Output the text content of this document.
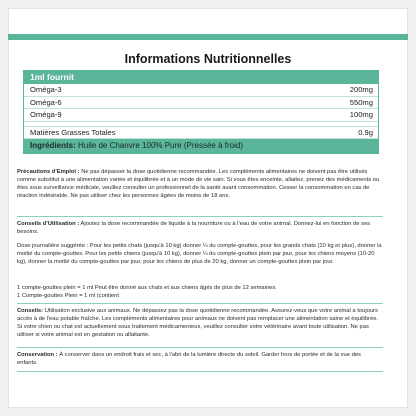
Informations Nutritionnelles
1ml fournit
Oméga-3	200mg
Oméga-6	550mg
Oméga-9	100mg
Matières Grasses Totales	0.9g
Ingrédients: Huile de Chanvre 100% Pure (Pressée à froid)
Précautions d'Emploi : Ne pas dépasser la dose quotidienne recommandée. Les compléments alimentaires ne doivent pas être utilisés comme substitut à une alimentation variée et équilibrée et à un mode de vie sain. Si vous êtes enceinte, allaitez, prenez des médicaments ou êtes sous surveillance médicale, veuillez consulter un professionnel de la santé avant consommation. Cesser la consommation en cas de réaction indésirable. Ne pas utiliser chez les personnes âgées de moins de 18 ans.
Conseils d'Utilisation : Ajoutez la dose recommandée de liquide à la nourriture ou à l'eau de votre animal. Donnez-lui en fonction de ses besoins.
Dose journalière suggérée : Pour les petits chats (jusqu'à 10 kg) donner ¼ du compte-gouttes, pour les grands chats (10 kg et plus), donner la moitié du compte-gouttes. Pour les petits chiens (jusqu'à 10 kg), donner ¼ du compte-gouttes plein par jour, pour les chiens moyens (10-20 kg), donner la moitié du compte-gouttes par jour, pour les chiens de plus de 20 kg, donner un compte-gouttes plein par jour.
1 compte-gouttes plein = 1 ml Peut être donné aux chats et aux chiens âgés de plus de 12 semaines.
1 Compte-gouttes Plein = 1 ml (contient
Conseils: Utilisation exclusive aux animaux. Ne dépassez pas la dose quotidienne recommandée. Assurez-vous que votre animal a toujours accès à de l'eau potable fraîche. Les compléments alimentaires pour animaux ne doivent pas remplacer une alimentation saine et équilibrée. Si votre chien ou chat est actuellement sous traitement médicamenteux, veuillez consulter votre vétérinaire avant toute utilisation. Ne pas utiliser si votre animal est en gestation ou allaitante.
Conservation : À conserver dans un endroit frais et sec, à l'abri de la lumière directe du soleil. Garder hors de portée et de la vue des enfants.
